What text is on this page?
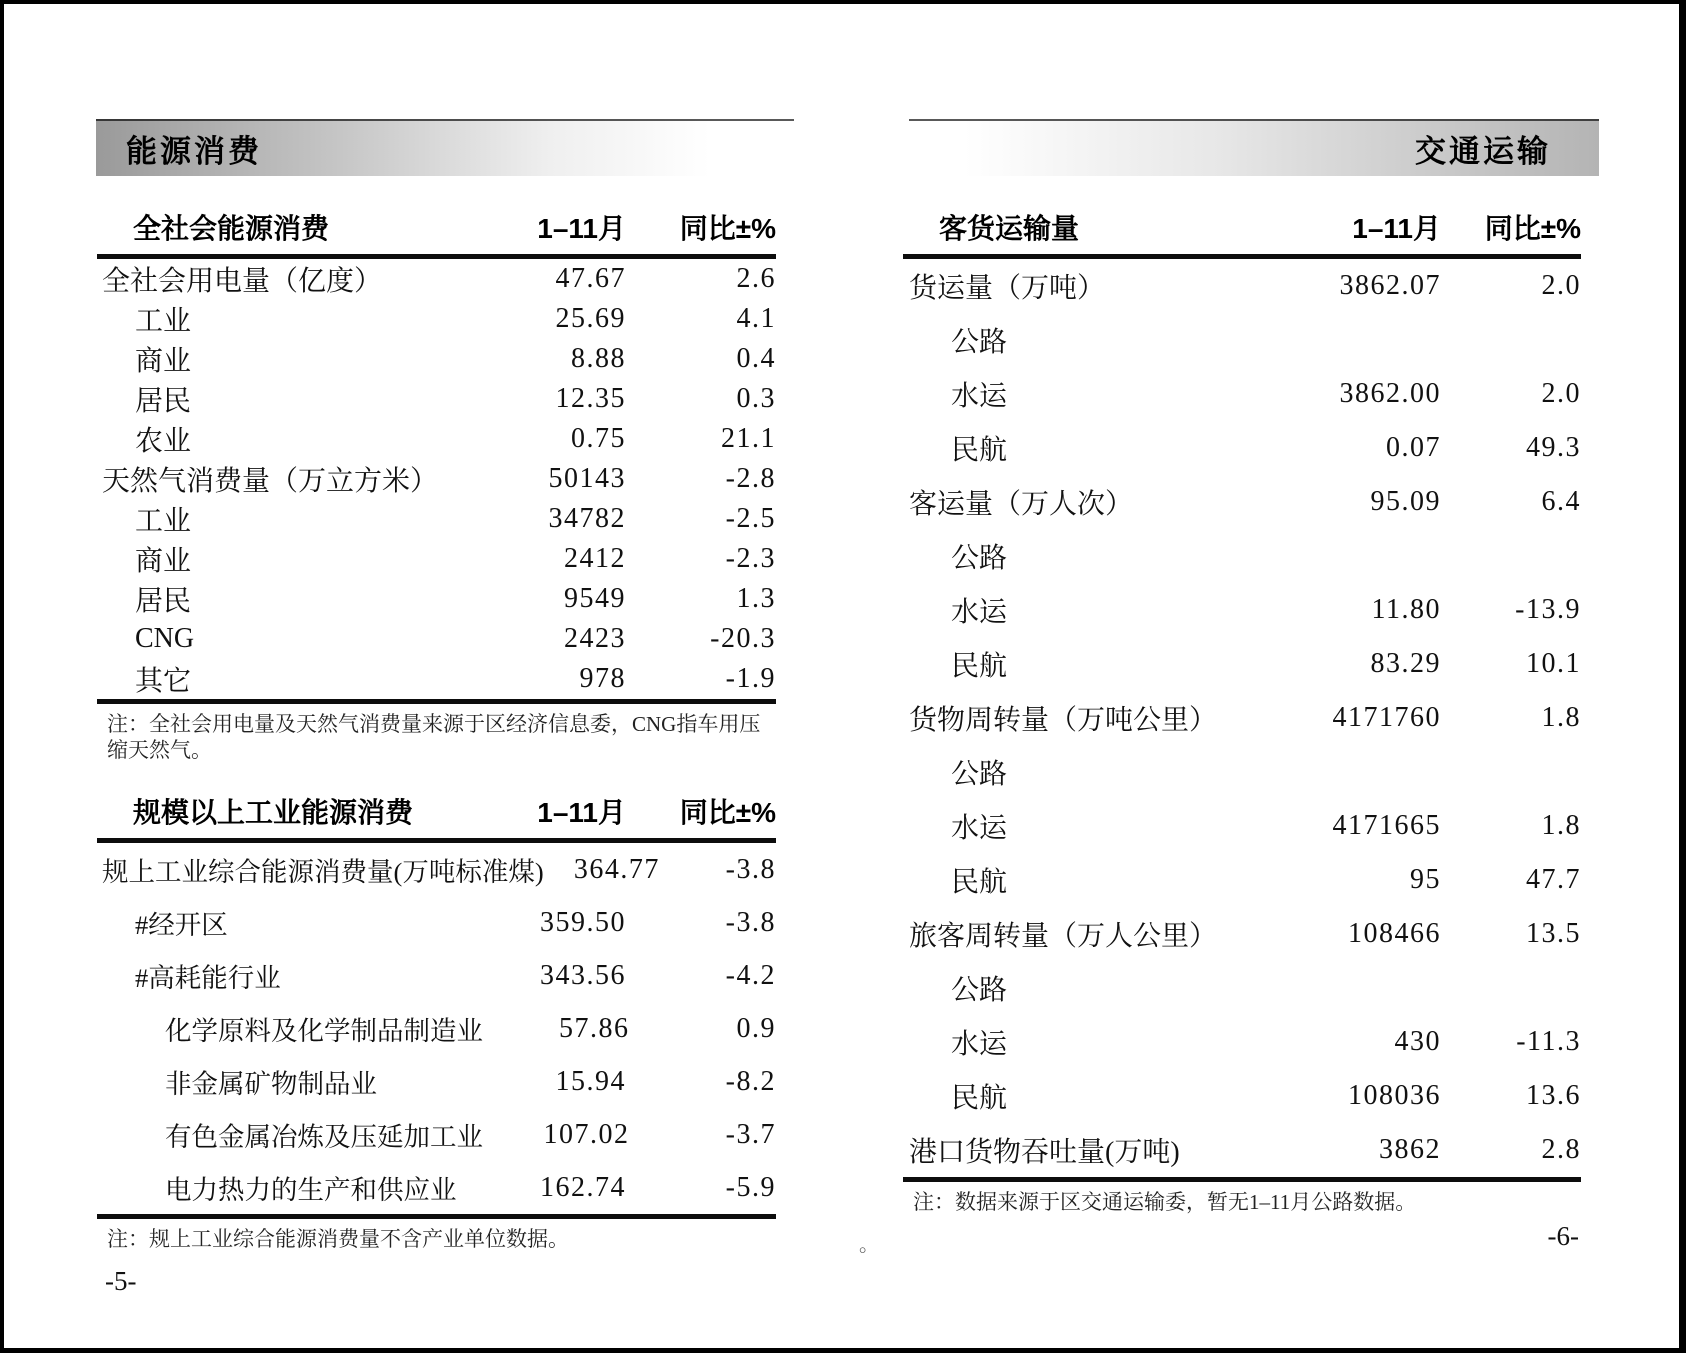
能源消费	交通运输
全社会能源消费	1–11月	同比±%
全社会用电量（亿度）	47.67	2.6
工业	25.69	4.1
商业	8.88	0.4
居民	12.35	0.3
农业	0.75	21.1
天然气消费量（万立方米）	50143	-2.8
工业	34782	-2.5
商业	2412	-2.3
居民	9549	1.3
CNG	2423	-20.3
其它	978	-1.9
注：全社会用电量及天然气消费量来源于区经济信息委，CNG指车用压缩天然气。
规模以上工业能源消费	1–11月	同比±%
规上工业综合能源消费量(万吨标准煤)	364.77	-3.8
#经开区	359.50	-3.8
#高耗能行业	343.56	-4.2
化学原料及化学制品制造业	57.86	0.9
非金属矿物制品业	15.94	-8.2
有色金属冶炼及压延加工业	107.02	-3.7
电力热力的生产和供应业	162.74	-5.9
注：规上工业综合能源消费量不含产业单位数据。
-5-
客货运输量	1–11月	同比±%
货运量（万吨）	3862.07	2.0
公路
水运	3862.00	2.0
民航	0.07	49.3
客运量（万人次）	95.09	6.4
公路
水运	11.80	-13.9
民航	83.29	10.1
货物周转量（万吨公里）	4171760	1.8
公路
水运	4171665	1.8
民航	95	47.7
旅客周转量（万人公里）	108466	13.5
公路
水运	430	-11.3
民航	108036	13.6
港口货物吞吐量(万吨)	3862	2.8
注：数据来源于区交通运输委，暂无1–11月公路数据。
。	-6-
